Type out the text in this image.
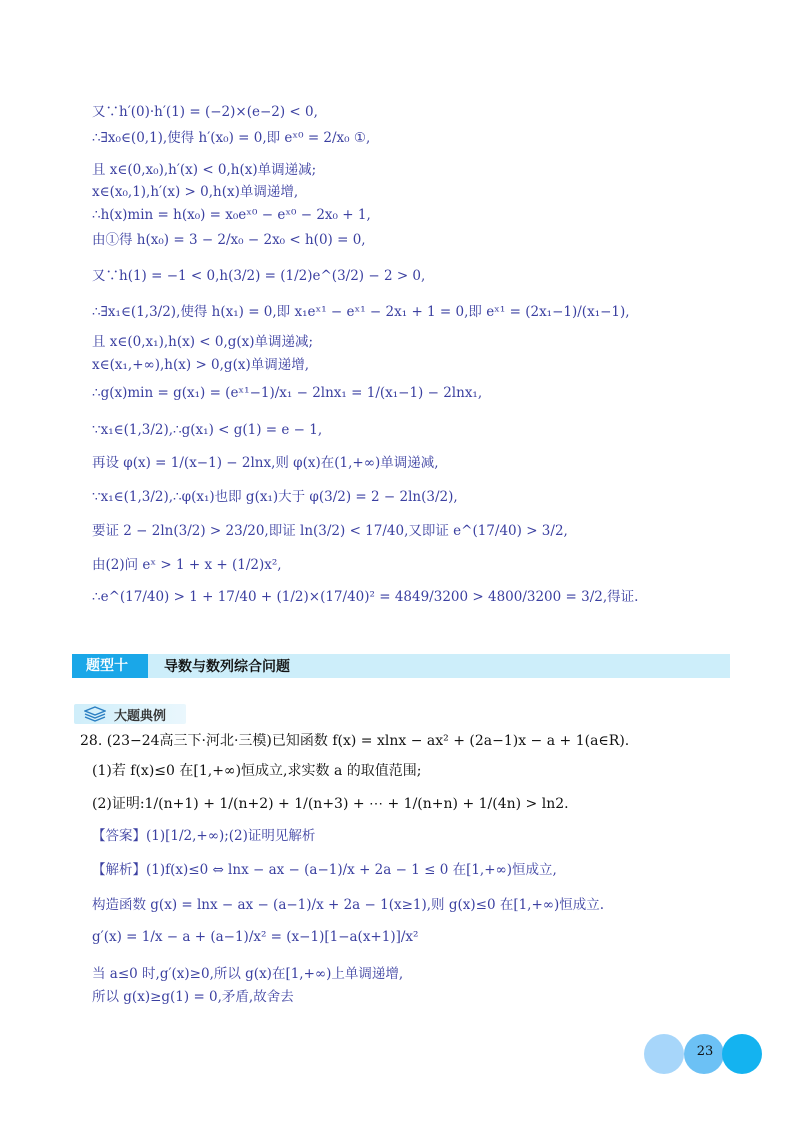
又∵h′(0)·h′(1) = (−2)×(e−2) < 0,
∴∃x₀∈(0,1),使得 h′(x₀) = 0,即 eˣ⁰ = 2/x₀ ①,
且 x∈(0,x₀),h′(x) < 0,h(x)单调递减;
x∈(x₀,1),h′(x) > 0,h(x)单调递增,
∴h(x)min = h(x₀) = x₀eˣ⁰ − eˣ⁰ − 2x₀ + 1,
由①得 h(x₀) = 3 − 2/x₀ − 2x₀ < h(0) = 0,
又∵h(1) = −1 < 0,h(3/2) = (1/2)e^(3/2) − 2 > 0,
∴∃x₁∈(1,3/2),使得 h(x₁) = 0,即 x₁eˣ¹ − eˣ¹ − 2x₁ + 1 = 0,即 eˣ¹ = (2x₁−1)/(x₁−1),
且 x∈(0,x₁),h(x) < 0,g(x)单调递减;
x∈(x₁,+∞),h(x) > 0,g(x)单调递增,
∴g(x)min = g(x₁) = (eˣ¹−1)/x₁ − 2lnx₁ = 1/(x₁−1) − 2lnx₁,
∵x₁∈(1,3/2),∴g(x₁) < g(1) = e − 1,
再设 φ(x) = 1/(x−1) − 2lnx,则 φ(x)在(1,+∞)单调递减,
∵x₁∈(1,3/2),∴φ(x₁)也即 g(x₁)大于 φ(3/2) = 2 − 2ln(3/2),
要证 2 − 2ln(3/2) > 23/20,即证 ln(3/2) < 17/40,又即证 e^(17/40) > 3/2,
由(2)问 eˣ > 1 + x + (1/2)x²,
∴e^(17/40) > 1 + 17/40 + (1/2)×(17/40)² = 4849/3200 > 4800/3200 = 3/2,得证.
题型十	导数与数列综合问题
大题典例
28. (23−24高三下·河北·三模)已知函数 f(x) = xlnx − ax² + (2a−1)x − a + 1(a∈R).
(1)若 f(x)≤0 在[1,+∞)恒成立,求实数 a 的取值范围;
(2)证明:1/(n+1) + 1/(n+2) + 1/(n+3) + ⋯ + 1/(n+n) + 1/(4n) > ln2.
【答案】(1)[1/2,+∞);(2)证明见解析
【解析】(1)f(x)≤0 ⇔ lnx − ax − (a−1)/x + 2a − 1 ≤ 0 在[1,+∞)恒成立,
构造函数 g(x) = lnx − ax − (a−1)/x + 2a − 1(x≥1),则 g(x)≤0 在[1,+∞)恒成立.
g′(x) = 1/x − a + (a−1)/x² = (x−1)[1−a(x+1)]/x²
当 a≤0 时,g′(x)≥0,所以 g(x)在[1,+∞)上单调递增,
所以 g(x)≥g(1) = 0,矛盾,故舍去
23
